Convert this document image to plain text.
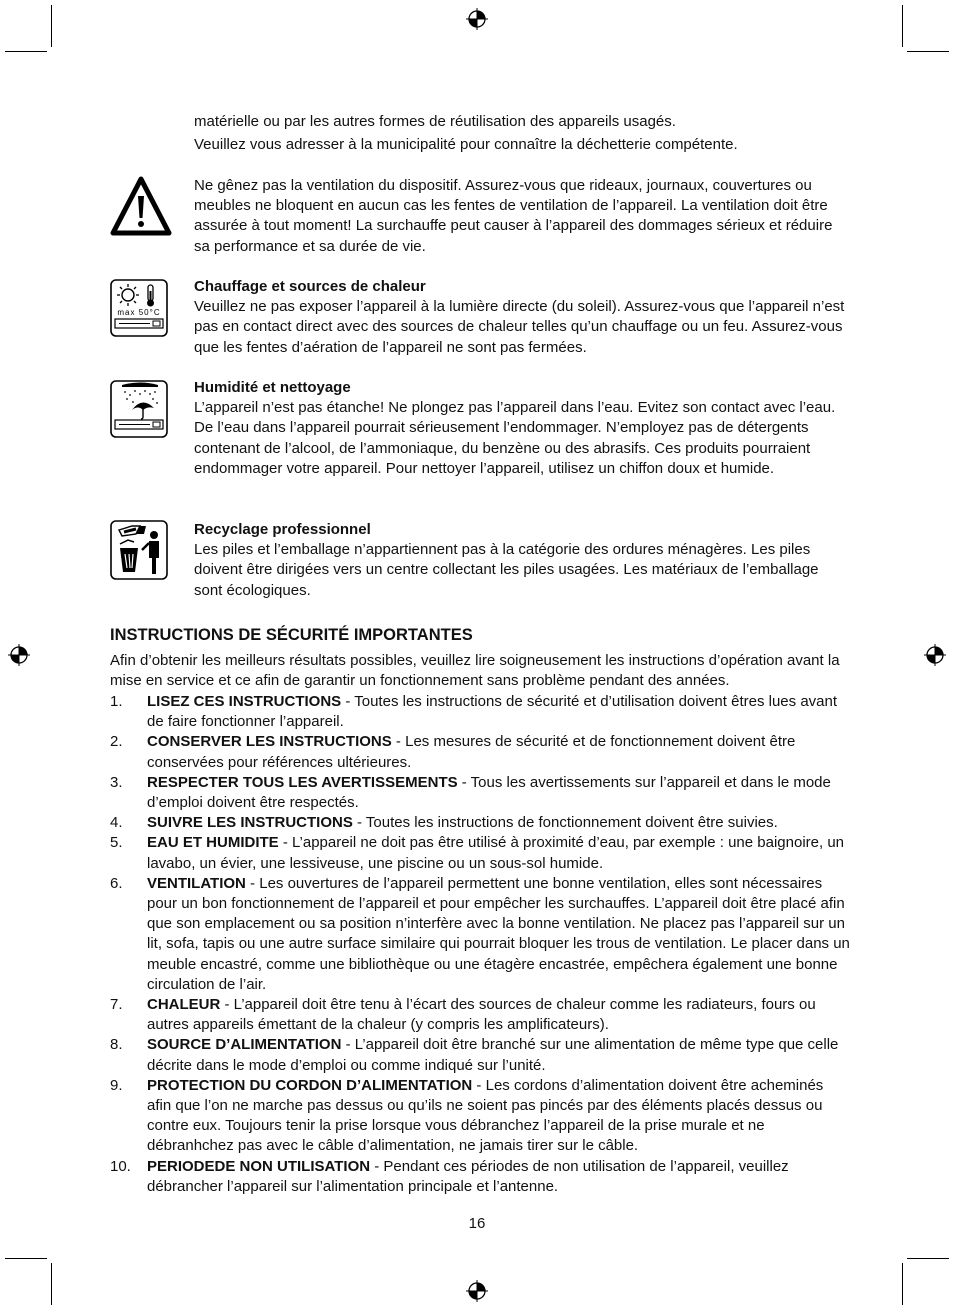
matérielle ou par les autres formes de réutilisation des appareils usagés.

Veuillez vous adresser à la municipalité pour connaître la déchetterie compétente.

Ne gênez pas la ventilation du dispositif. Assurez-vous que rideaux, journaux, couvertures ou meubles ne bloquent en aucun cas les fentes de ventilation de l’appareil. La ventilation doit être assurée à tout moment! La surchauffe peut causer à l’appareil des dommages sérieux et réduire sa performance et sa durée de vie.

max 50°C

Chauffage et sources de chaleur
Veuillez ne pas exposer l’appareil à la lumière directe (du soleil). Assurez-vous que l’appareil n’est pas en contact direct avec des sources de chaleur telles qu’un chauffage ou un feu. Assurez-vous que les fentes d’aération de l’appareil ne sont pas fermées.

Humidité et nettoyage
L’appareil n’est pas étanche! Ne plongez pas l’appareil dans l’eau. Evitez son contact avec l’eau. De l’eau dans l’appareil pourrait sérieusement l’endommager. N’employez pas de détergents contenant de l’alcool, de l’ammoniaque, du benzène ou des abrasifs. Ces produits pourraient endommager votre appareil. Pour nettoyer l’appareil, utilisez un chiffon doux et humide.

Recyclage professionnel
Les piles et l’emballage n’appartiennent pas à la catégorie des ordures ménagères. Les piles doivent être dirigées vers un centre collectant les piles usagées. Les matériaux de l’emballage sont écologiques.

INSTRUCTIONS DE SÉCURITÉ IMPORTANTES

Afin d’obtenir les meilleurs résultats possibles, veuillez lire soigneusement les instructions d’opération avant la mise en service et ce afin de garantir un fonctionnement sans problème pendant des années.

1. LISEZ CES INSTRUCTIONS - Toutes les instructions de sécurité et d’utilisation doivent êtres lues avant de faire fonctionner l’appareil.
2. CONSERVER LES INSTRUCTIONS - Les mesures de sécurité et de fonctionnement doivent être conservées pour références ultérieures.
3. RESPECTER TOUS LES AVERTISSEMENTS - Tous les avertissements sur l’appareil et dans le mode d’emploi doivent être respectés.
4. SUIVRE LES INSTRUCTIONS - Toutes les instructions de fonctionnement doivent être suivies.
5. EAU ET HUMIDITE - L’appareil ne doit pas être utilisé à proximité d’eau, par exemple : une baignoire, un lavabo, un évier, une lessiveuse, une piscine ou un sous-sol humide.
6. VENTILATION - Les ouvertures de l’appareil permettent une bonne ventilation, elles sont nécessaires pour un bon fonctionnement de l’appareil et pour empêcher les surchauffes. L’appareil doit être placé afin que son emplacement ou sa position n’interfère avec la bonne ventilation. Ne placez pas l’appareil sur un lit, sofa, tapis ou une autre surface similaire qui pourrait bloquer les trous de ventilation. Le placer dans un meuble encastré, comme une bibliothèque ou une étagère encastrée, empêchera également une bonne circulation de l’air.
7. CHALEUR - L’appareil doit être tenu à l’écart des sources de chaleur comme les radiateurs, fours ou autres appareils émettant de la chaleur (y compris les amplificateurs).
8. SOURCE D’ALIMENTATION - L’appareil doit être branché sur une alimentation de même type que celle décrite dans le mode d’emploi ou comme indiqué sur l’unité.
9. PROTECTION DU CORDON D’ALIMENTATION - Les cordons d’alimentation doivent être acheminés afin que l’on ne marche pas dessus ou qu’ils ne soient pas pincés par des éléments placés dessus ou contre eux. Toujours tenir la prise lorsque vous débranchez l’appareil de la prise murale et ne débranhchez pas avec le câble d’alimentation, ne jamais tirer sur le câble.
10. PERIODEDE NON UTILISATION - Pendant ces périodes de non utilisation de l’appareil, veuillez débrancher l’appareil sur l’alimentation principale et l’antenne.
16
